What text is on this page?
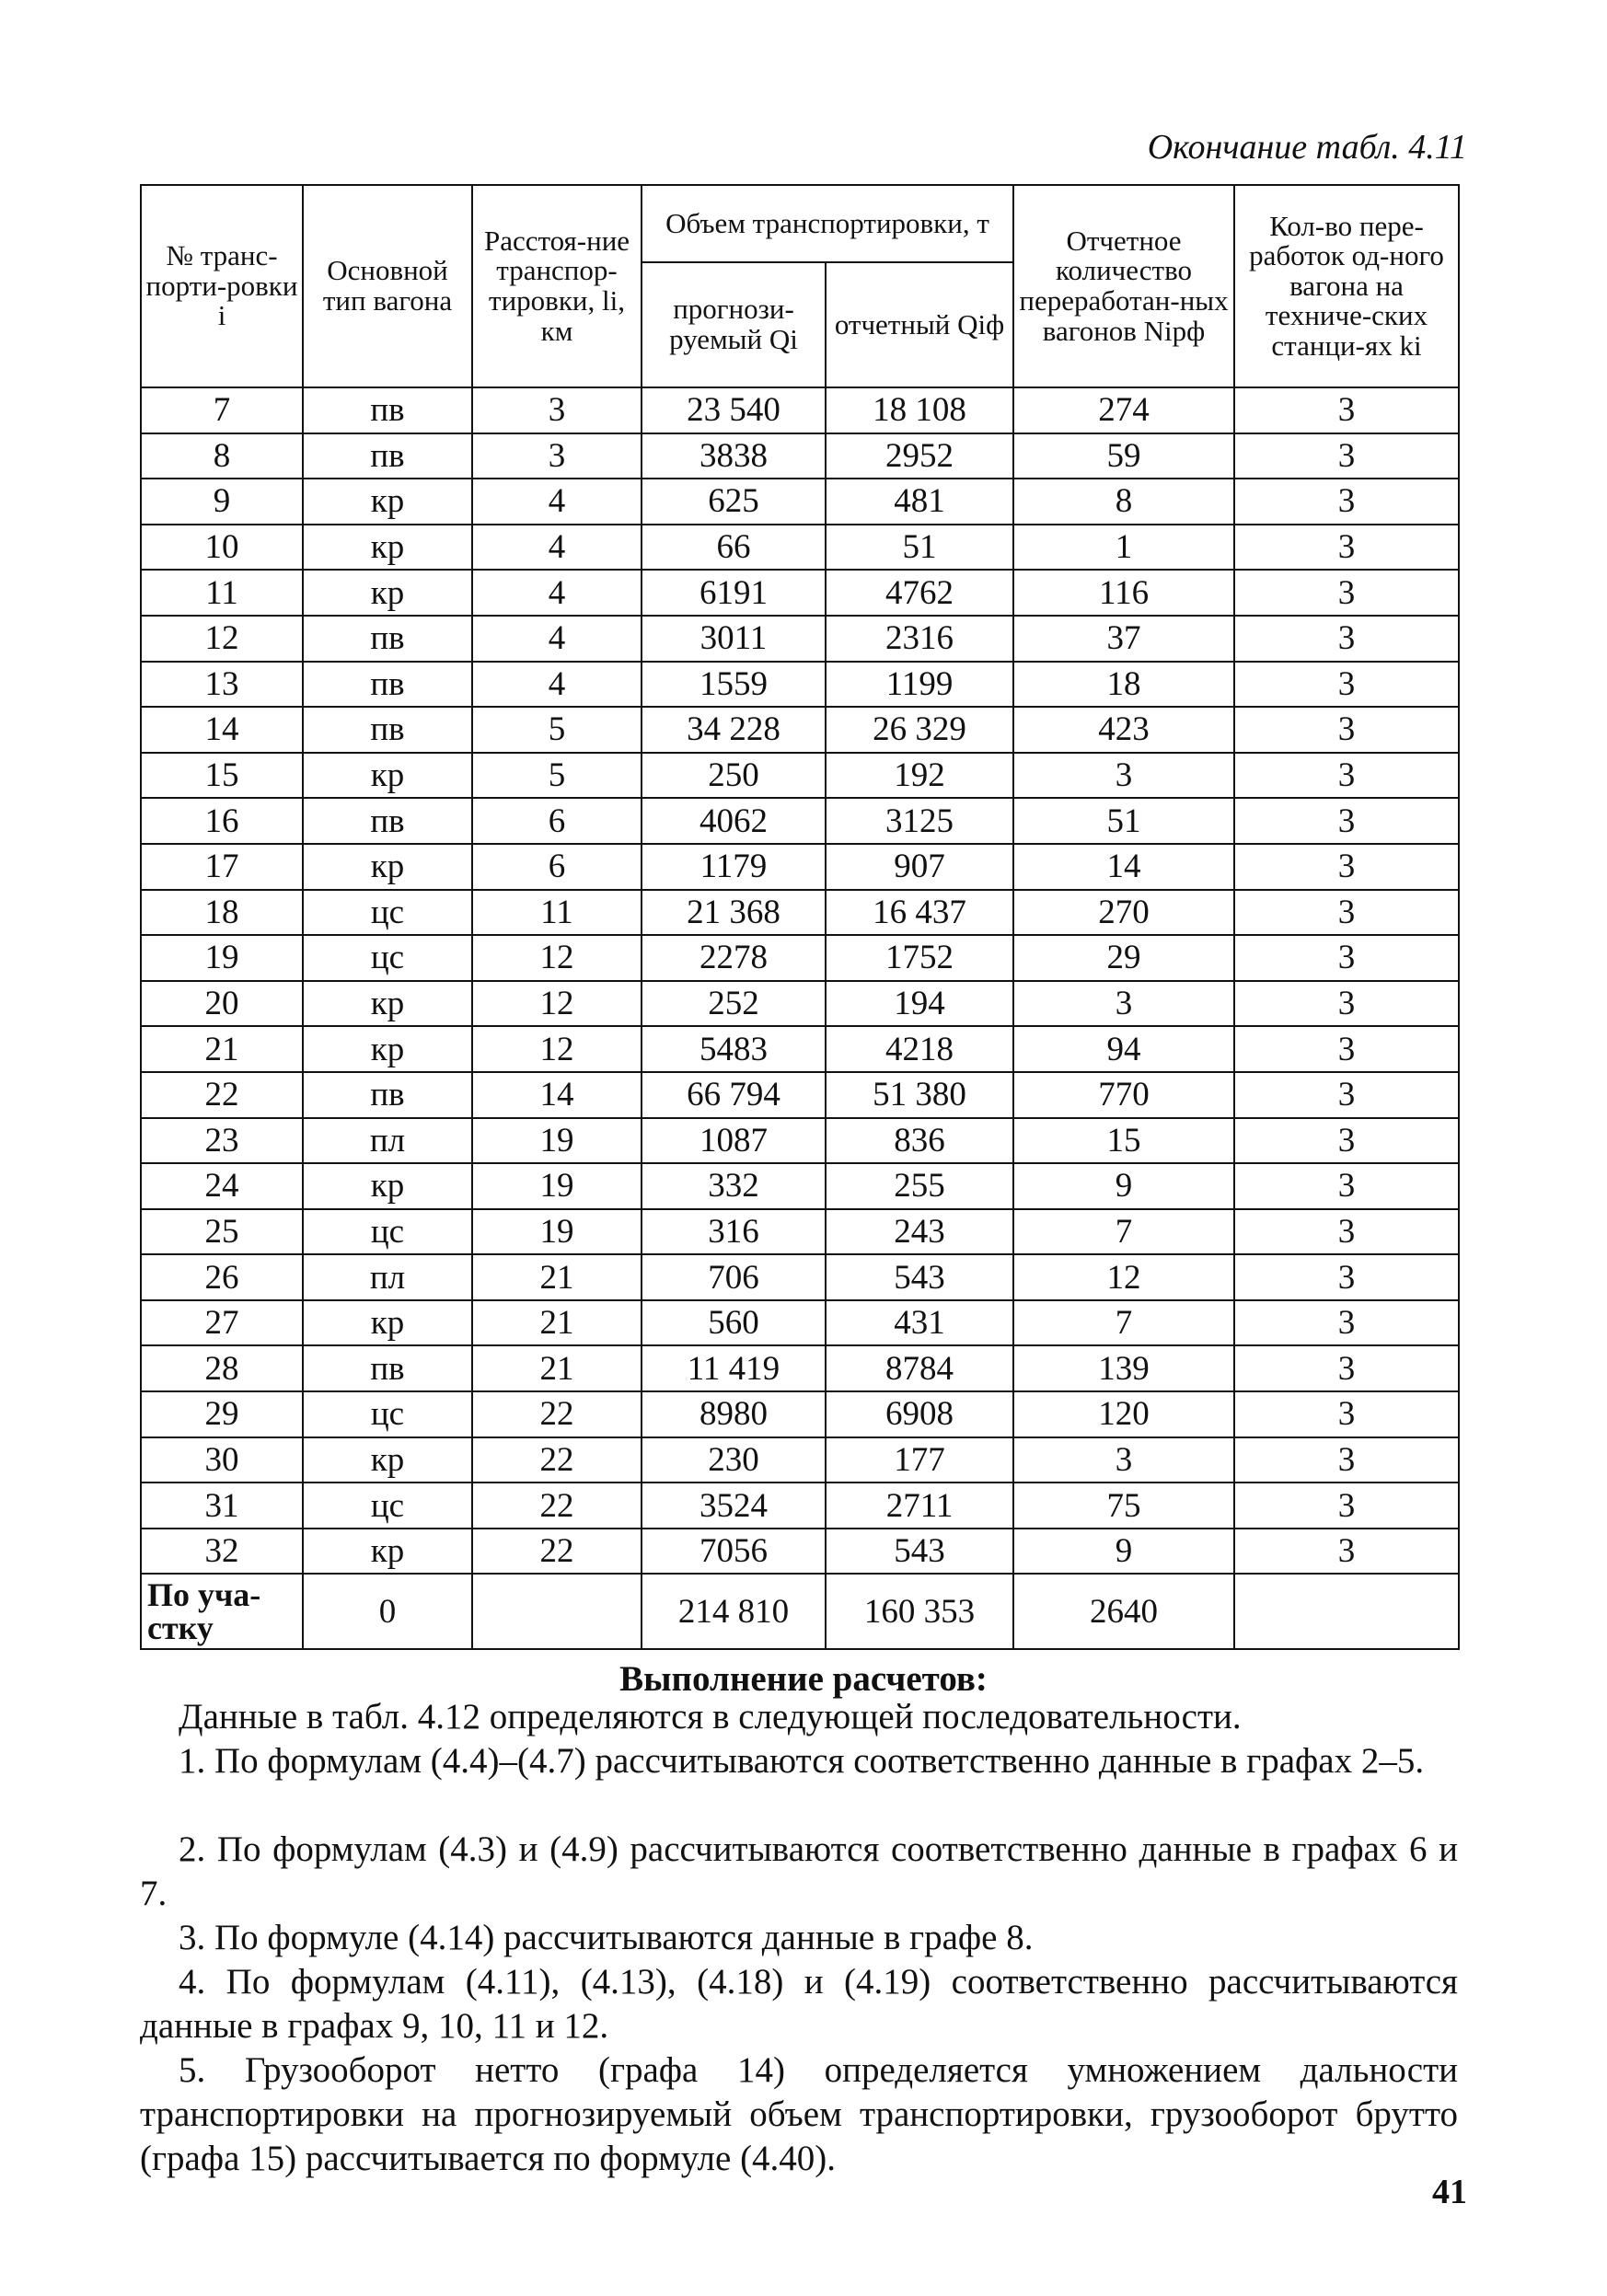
Окончание табл. 4.11
№ транс-порти-ровки i	Основной тип вагона	Расстоя-ние транспор-тировки, li, км	Объем транспортировки, т		Отчетное количество переработан-ных вагонов Niрф	Кол-во пере-работок од-ного вагона на техниче-ских станци-ях ki
			прогнози-руемый Qi	отчетный Qiф		
7	пв	3	23 540	18 108	274	3
8	пв	3	3838	2952	59	3
9	кр	4	625	481	8	3
10	кр	4	66	51	1	3
11	кр	4	6191	4762	116	3
12	пв	4	3011	2316	37	3
13	пв	4	1559	1199	18	3
14	пв	5	34 228	26 329	423	3
15	кр	5	250	192	3	3
16	пв	6	4062	3125	51	3
17	кр	6	1179	907	14	3
18	цс	11	21 368	16 437	270	3
19	цс	12	2278	1752	29	3
20	кр	12	252	194	3	3
21	кр	12	5483	4218	94	3
22	пв	14	66 794	51 380	770	3
23	пл	19	1087	836	15	3
24	кр	19	332	255	9	3
25	цс	19	316	243	7	3
26	пл	21	706	543	12	3
27	кр	21	560	431	7	3
28	пв	21	11 419	8784	139	3
29	цс	22	8980	6908	120	3
30	кр	22	230	177	3	3
31	цс	22	3524	2711	75	3
32	кр	22	7056	543	9	3
По уча-стку	0		214 810	160 353	2640	
Выполнение расчетов:
Данные в табл. 4.12 определяются в следующей последовательности.
1. По формулам (4.4)–(4.7) рассчитываются соответственно данные в графах 2–5.
2. По формулам (4.3) и (4.9) рассчитываются соответственно данные в графах 6 и 7.
3. По формуле (4.14) рассчитываются данные в графе 8.
4. По формулам (4.11), (4.13), (4.18) и (4.19) соответственно рассчитываются данные в графах 9, 10, 11 и 12.
5. Грузооборот нетто (графа 14) определяется умножением дальности транспортировки на прогнозируемый объем транспортировки, грузооборот брутто (графа 15) рассчитывается по формуле (4.40).
41
